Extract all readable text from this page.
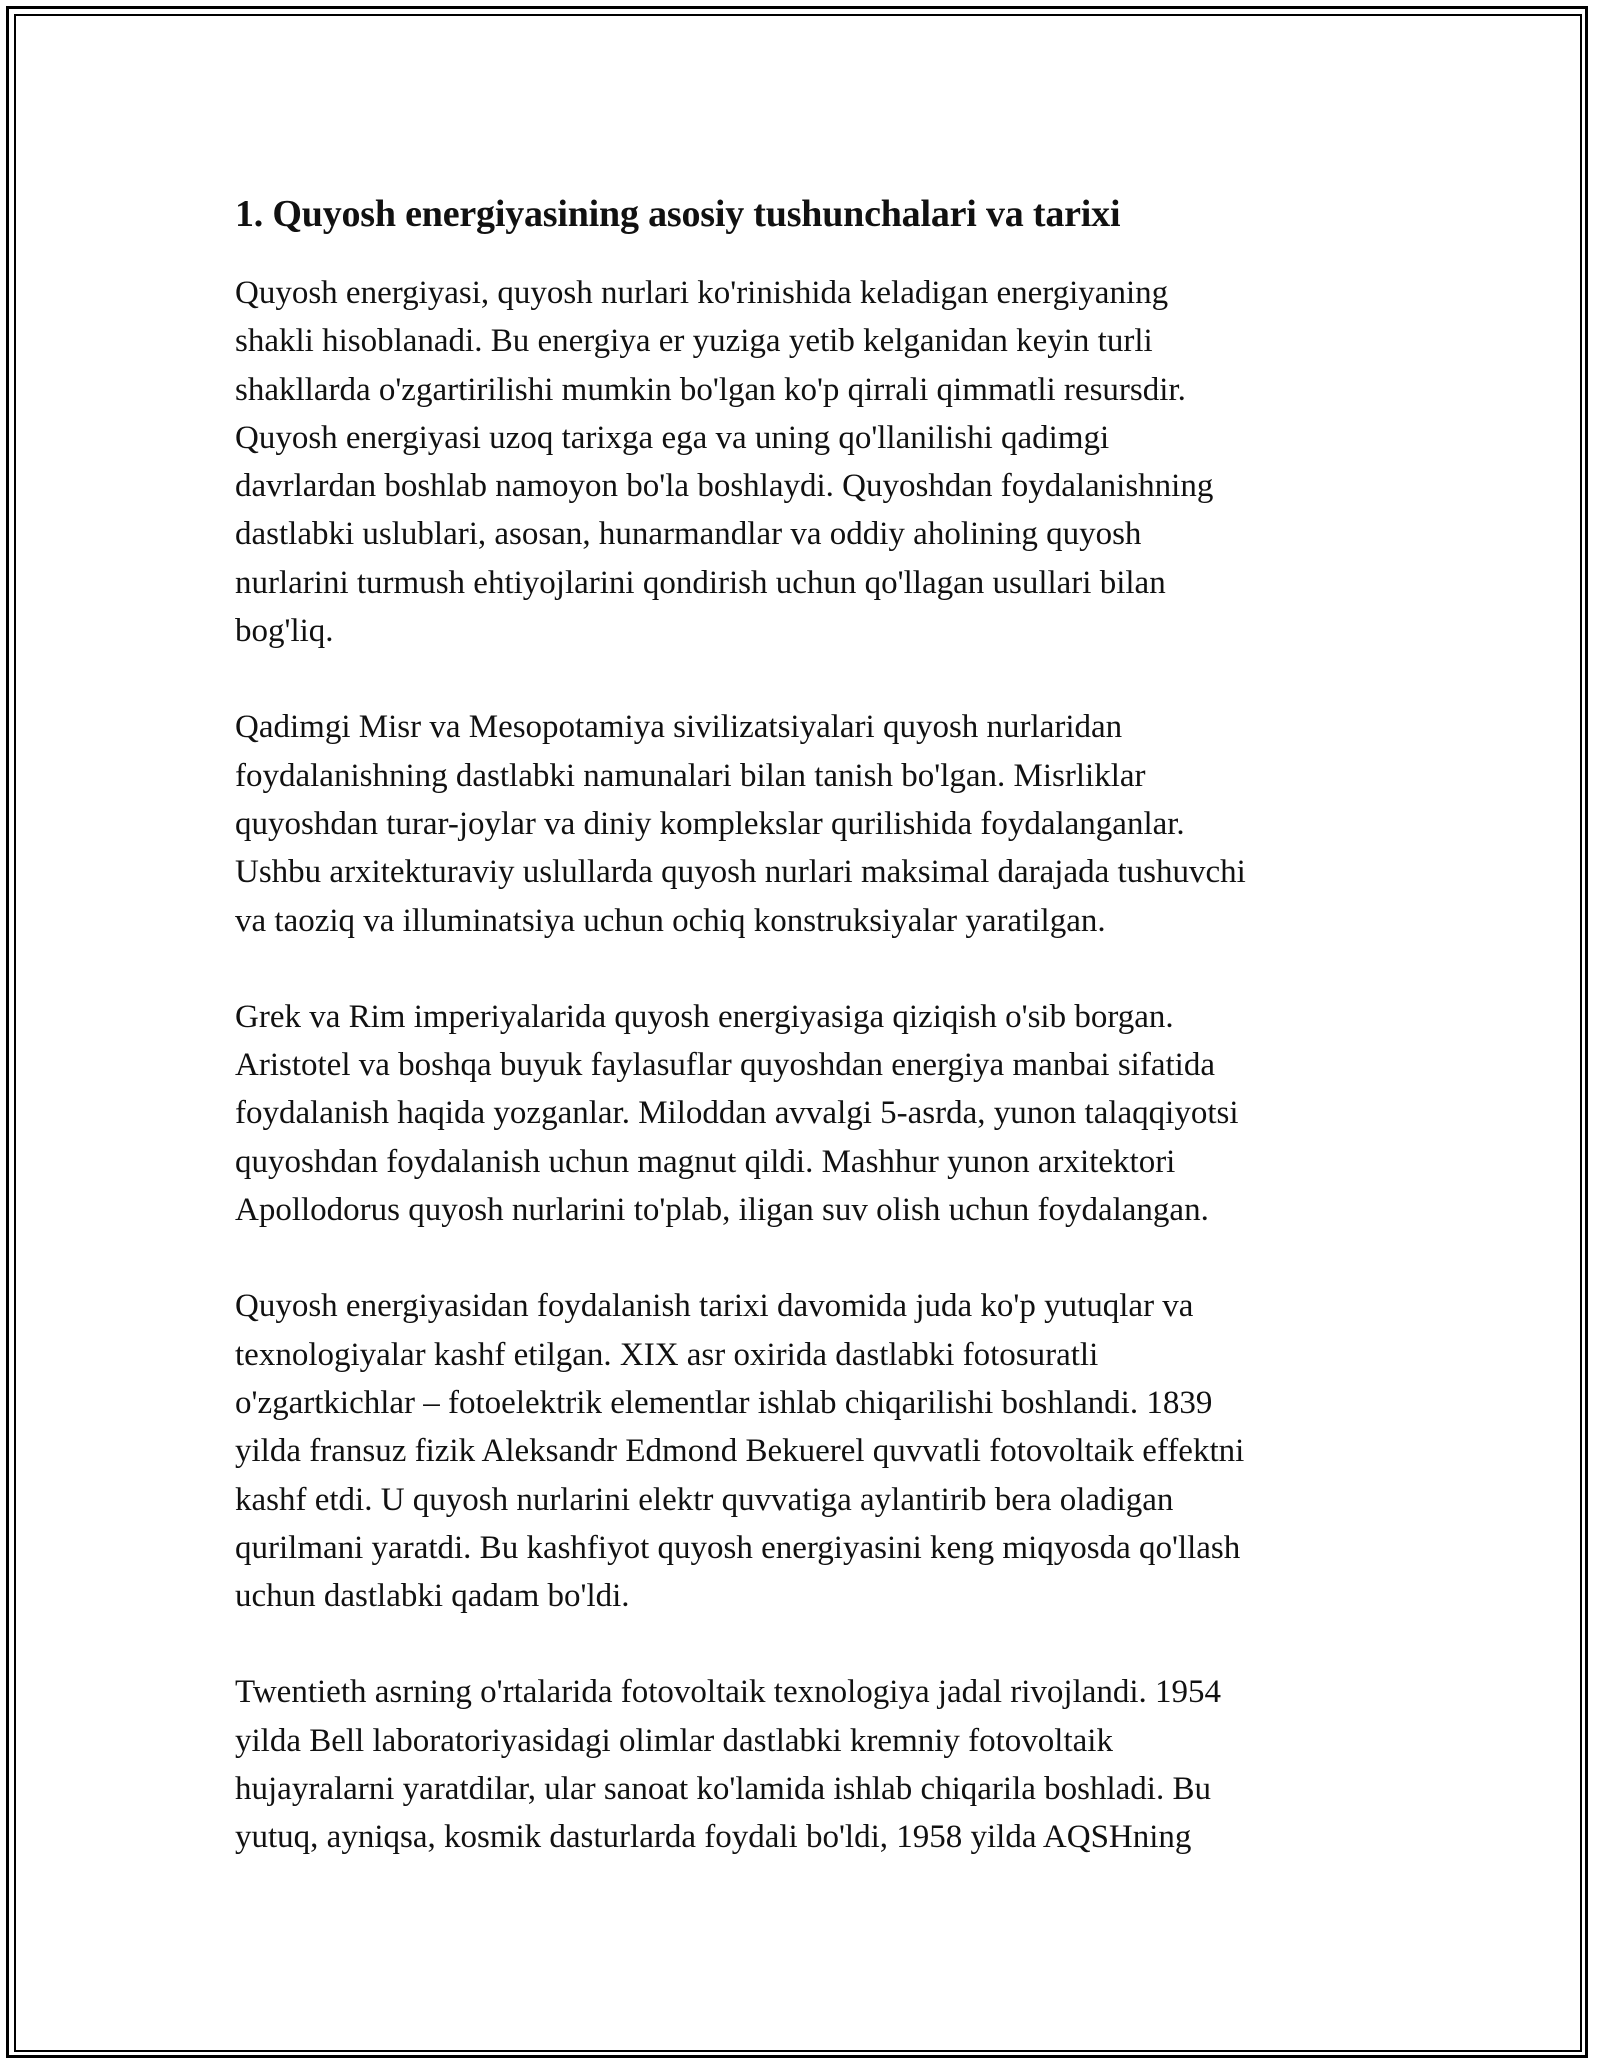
1. Quyosh energiyasining asosiy tushunchalari va tarixi

Quyosh energiyasi, quyosh nurlari ko'rinishida keladigan energiyaning
shakli hisoblanadi. Bu energiya er yuziga yetib kelganidan keyin turli
shakllarda o'zgartirilishi mumkin bo'lgan ko'p qirrali qimmatli resursdir.
Quyosh energiyasi uzoq tarixga ega va uning qo'llanilishi qadimgi
davrlardan boshlab namoyon bo'la boshlaydi. Quyoshdan foydalanishning
dastlabki uslublari, asosan, hunarmandlar va oddiy aholining quyosh
nurlarini turmush ehtiyojlarini qondirish uchun qo'llagan usullari bilan
bog'liq.

Qadimgi Misr va Mesopotamiya sivilizatsiyalari quyosh nurlaridan
foydalanishning dastlabki namunalari bilan tanish bo'lgan. Misrliklar
quyoshdan turar-joylar va diniy komplekslar qurilishida foydalanganlar.
Ushbu arxitekturaviy uslullarda quyosh nurlari maksimal darajada tushuvchi
va taoziq va illuminatsiya uchun ochiq konstruksiyalar yaratilgan.

Grek va Rim imperiyalarida quyosh energiyasiga qiziqish o'sib borgan.
Aristotel va boshqa buyuk faylasuflar quyoshdan energiya manbai sifatida
foydalanish haqida yozganlar. Miloddan avvalgi 5-asrda, yunon talaqqiyotsi
quyoshdan foydalanish uchun magnut qildi. Mashhur yunon arxitektori
Apollodorus quyosh nurlarini to'plab, iligan suv olish uchun foydalangan.

Quyosh energiyasidan foydalanish tarixi davomida juda ko'p yutuqlar va
texnologiyalar kashf etilgan. XIX asr oxirida dastlabki fotosuratli
o'zgartkichlar – fotoelektrik elementlar ishlab chiqarilishi boshlandi. 1839
yilda fransuz fizik Aleksandr Edmond Bekuerel quvvatli fotovoltaik effektni
kashf etdi. U quyosh nurlarini elektr quvvatiga aylantirib bera oladigan
qurilmani yaratdi. Bu kashfiyot quyosh energiyasini keng miqyosda qo'llash
uchun dastlabki qadam bo'ldi.

Twentieth asrning o'rtalarida fotovoltaik texnologiya jadal rivojlandi. 1954
yilda Bell laboratoriyasidagi olimlar dastlabki kremniy fotovoltaik
hujayralarni yaratdilar, ular sanoat ko'lamida ishlab chiqarila boshladi. Bu
yutuq, ayniqsa, kosmik dasturlarda foydali bo'ldi, 1958 yilda AQSHning
